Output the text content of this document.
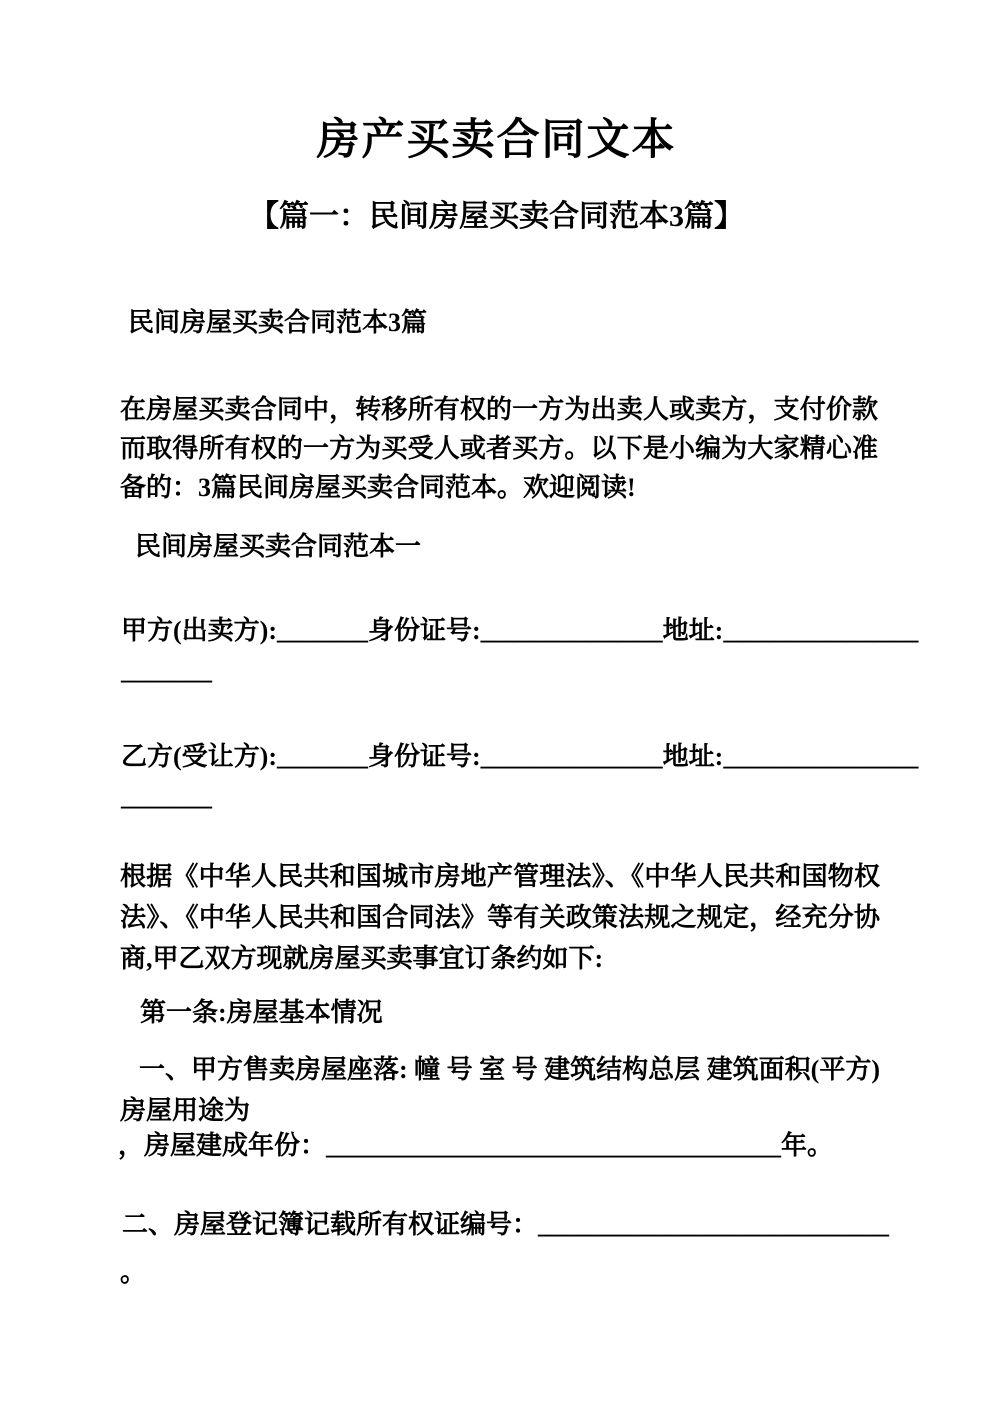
房产买卖合同文本
【篇一：民间房屋买卖合同范本3篇】
民间房屋买卖合同范本3篇

在房屋买卖合同中，转移所有权的一方为出卖人或卖方，支付价款而取得所有权的一方为买受人或者买方。以下是小编为大家精心准备的：3篇民间房屋买卖合同范本。欢迎阅读!

民间房屋买卖合同范本一
甲方(出卖方):_______身份证号:______________地址:_______________
_______
乙方(受让方):_______身份证号:______________地址:_______________
_______

根据《中华人民共和国城市房地产管理法》、《中华人民共和国物权法》、《中华人民共和国合同法》等有关政策法规之规定，经充分协商,甲乙双方现就房屋买卖事宜订条约如下:

第一条:房屋基本情况
一、甲方售卖房屋座落: 幢 号 室 号 建筑结构总层 建筑面积(平方)
房屋用途为
，房屋建成年份：___________________________________年。
二、房屋登记簿记载所有权证编号：___________________________
。
